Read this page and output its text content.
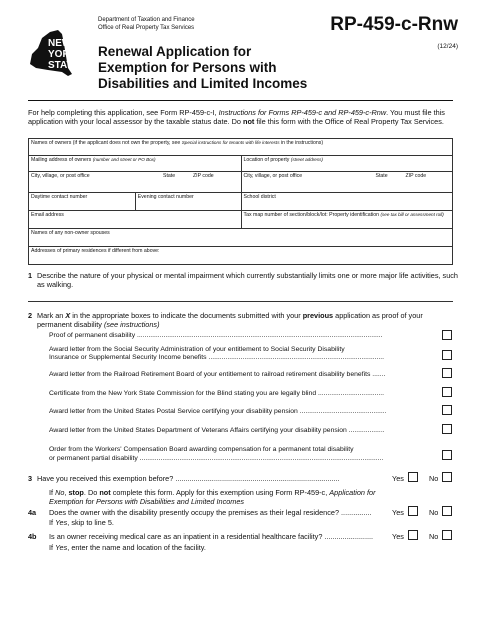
NEW
YORK
STATE
Department of Taxation and Finance
Office of Real Property Tax Services
Renewal Application for
Exemption for Persons with
Disabilities and Limited Incomes
RP-459-c-Rnw
(12/24)
For help completing this application, see Form RP-459-c-I, Instructions for Forms RP-459-c and RP-459-c-Rnw. You must file this application with your local assessor by the taxable status date. Do not file this form with the Office of Real Property Tax Services.
Names of owners (if the applicant does not own the property, see Special instructions for tenants with life interests in the instructions)
Mailing address of owners (number and street or PO Box)	Location of property (street address)
City, village, or post office	State	ZIP code	City, village, or post office	State	ZIP code
Daytime contact number	Evening contact number	School district
Email address	Tax map number of section/block/lot: Property identification (see tax bill or assessment roll)
Names of any non-owner spouses
Addresses of primary residences if different from above:
1 Describe the nature of your physical or mental impairment which currently substantially limits one or more major life activities, such as walking.
2 Mark an X in the appropriate boxes to indicate the documents submitted with your previous application as proof of your permanent disability (see instructions)
Proof of permanent disability ..................................................................................................................................
Award letter from the Social Security Administration of your entitlement to Social Security Disability
Insurance or Supplemental Security Income benefits .............................................................................................
Award letter from the Railroad Retirement Board of your entitlement to railroad retirement disability benefits .......
Certificate from the New York State Commission for the Blind stating you are legally blind ...................................
Award letter from the United States Postal Service certifying your disability pension ..............................................
Award letter from the United States Department of Veterans Affairs certifying your disability pension ...................
Order from the Workers' Compensation Board awarding compensation for a permanent total disability
or permanent partial disability .................................................................................................................................
3 Have you received this exemption before? .................................................................................	Yes	No
If No, stop. Do not complete this form. Apply for this exemption using Form RP-459-c, Application for Exemption for Persons with Disabilities and Limited Incomes
4a Does the owner with the disability presently occupy the premises as their legal residence? ...............	Yes	No
If Yes, skip to line 5.
4b Is an owner receiving medical care as an inpatient in a residential healthcare facility? ........................	Yes	No
If Yes, enter the name and location of the facility.
